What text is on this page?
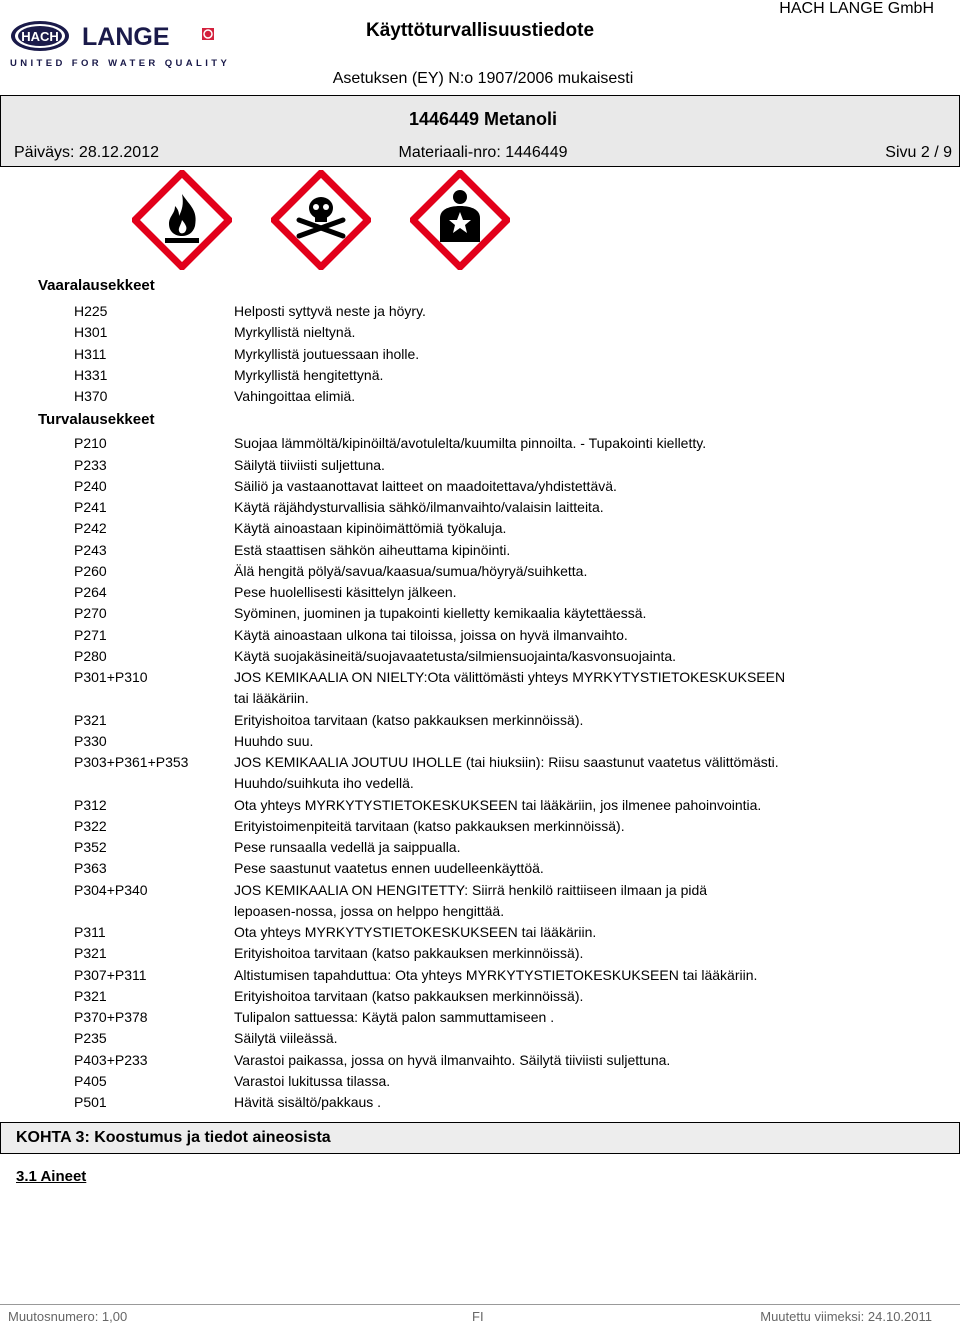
HACH LANGE
UNITED FOR WATER QUALITY
Käyttöturvallisuustiedote
HACH LANGE GmbH
Asetuksen (EY) N:o 1907/2006 mukaisesti
1446449 Metanoli
Päiväys: 28.12.2012	Materiaali-nro: 1446449	Sivu 2 / 9
Vaaralausekkeet
H225	Helposti syttyvä neste ja höyry.
H301	Myrkyllistä nieltynä.
H311	Myrkyllistä joutuessaan iholle.
H331	Myrkyllistä hengitettynä.
H370	Vahingoittaa elimiä.
Turvalausekkeet
P210	Suojaa lämmöltä/kipinöiltä/avotulelta/kuumilta pinnoilta. - Tupakointi kielletty.
P233	Säilytä tiiviisti suljettuna.
P240	Säiliö ja vastaanottavat laitteet on maadoitettava/yhdistettävä.
P241	Käytä räjähdysturvallisia sähkö/ilmanvaihto/valaisin laitteita.
P242	Käytä ainoastaan kipinöimättömiä työkaluja.
P243	Estä staattisen sähkön aiheuttama kipinöinti.
P260	Älä hengitä pölyä/savua/kaasua/sumua/höyryä/suihketta.
P264	Pese huolellisesti käsittelyn jälkeen.
P270	Syöminen, juominen ja tupakointi kielletty kemikaalia käytettäessä.
P271	Käytä ainoastaan ulkona tai tiloissa, joissa on hyvä ilmanvaihto.
P280	Käytä suojakäsineitä/suojavaatetusta/silmiensuojainta/kasvonsuojainta.
P301+P310	JOS KEMIKAALIA ON NIELTY:Ota välittömästi yhteys MYRKYTYSTIETOKESKUKSEEN
tai lääkäriin.
P321	Erityishoitoa tarvitaan (katso pakkauksen merkinnöissä).
P330	Huuhdo suu.
P303+P361+P353	JOS KEMIKAALIA JOUTUU IHOLLE (tai hiuksiin): Riisu saastunut vaatetus välittömästi.
Huuhdo/suihkuta iho vedellä.
P312	Ota yhteys MYRKYTYSTIETOKESKUKSEEN tai lääkäriin, jos ilmenee pahoinvointia.
P322	Erityistoimenpiteitä tarvitaan (katso pakkauksen merkinnöissä).
P352	Pese runsaalla vedellä ja saippualla.
P363	Pese saastunut vaatetus ennen uudelleenkäyttöä.
P304+P340	JOS KEMIKAALIA ON HENGITETTY: Siirrä henkilö raittiiseen ilmaan ja pidä
lepoasen-nossa, jossa on helppo hengittää.
P311	Ota yhteys MYRKYTYSTIETOKESKUKSEEN tai lääkäriin.
P321	Erityishoitoa tarvitaan (katso pakkauksen merkinnöissä).
P307+P311	Altistumisen tapahduttua: Ota yhteys MYRKYTYSTIETOKESKUKSEEN tai lääkäriin.
P321	Erityishoitoa tarvitaan (katso pakkauksen merkinnöissä).
P370+P378	Tulipalon sattuessa: Käytä palon sammuttamiseen .
P235	Säilytä viileässä.
P403+P233	Varastoi paikassa, jossa on hyvä ilmanvaihto. Säilytä tiiviisti suljettuna.
P405	Varastoi lukitussa tilassa.
P501	Hävitä sisältö/pakkaus .
KOHTA 3: Koostumus ja tiedot aineosista
3.1 Aineet
Muutosnumero: 1,00	FI	Muutettu viimeksi: 24.10.2011
